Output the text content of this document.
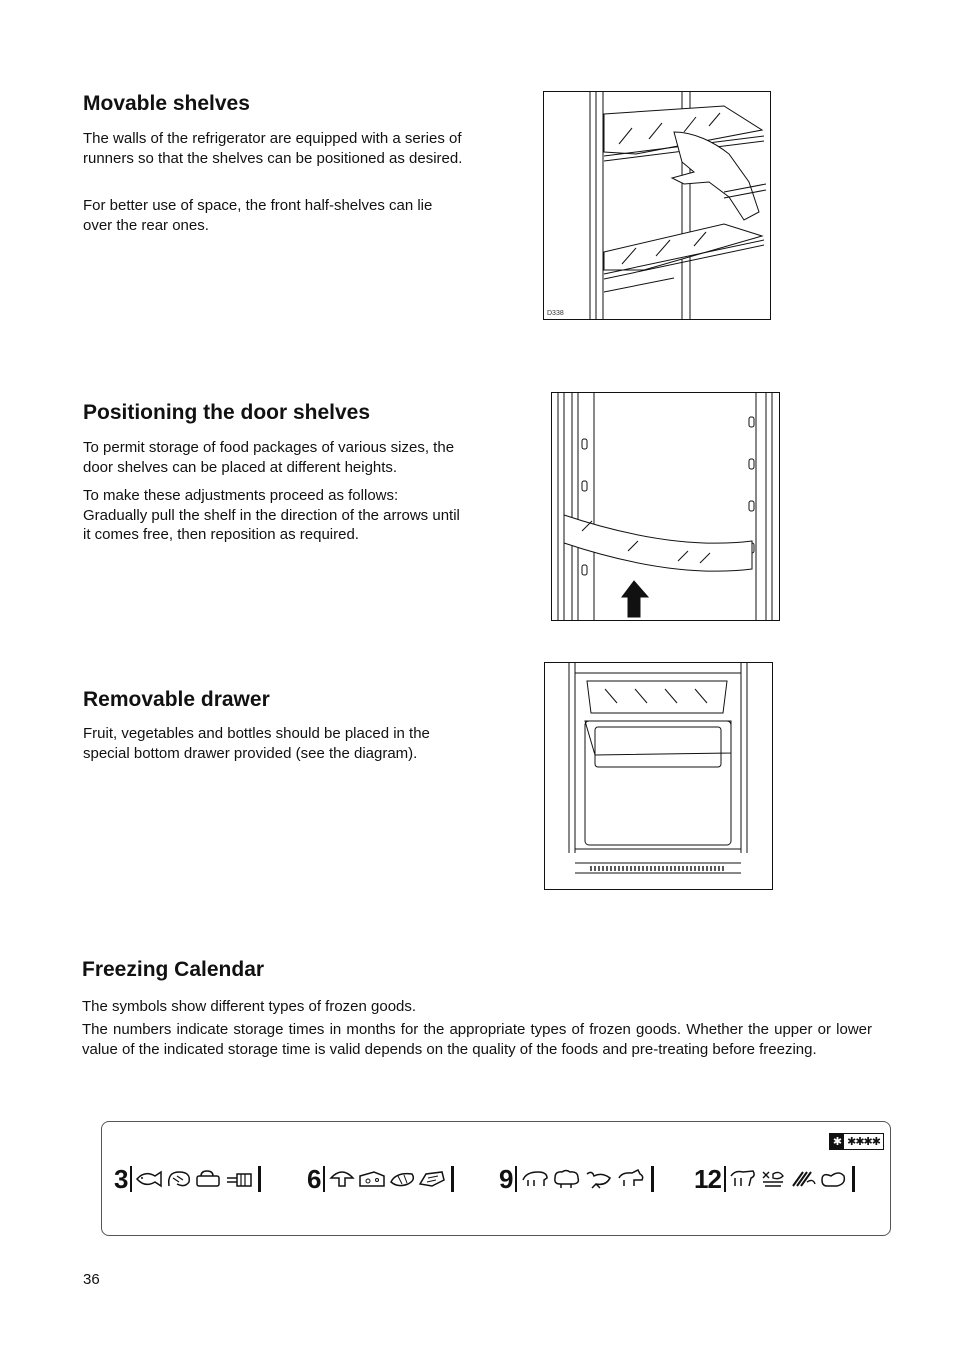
Movable shelves

The walls of the refrigerator are equipped with a series of runners so that the shelves can be positioned as desired.

For better use of space, the front half-shelves can lie over the rear ones.

D338
Positioning the door shelves

To permit storage of food packages of various sizes, the door shelves can be placed at different heights.

To make these adjustments proceed as follows: Gradually pull the shelf in the direction of the arrows until it comes free, then reposition as required.

Removable drawer

Fruit, vegetables and bottles should be placed in the special bottom drawer provided (see the diagram).

Freezing Calendar

The symbols show different types of frozen goods.

The numbers indicate storage times in months for the appropriate types of frozen goods. Whether the upper or lower value of the indicated storage time is valid depends on the quality of the foods and pre-treating before freezing.

✱ ✱✱✱✱
3	6	9	12
36
